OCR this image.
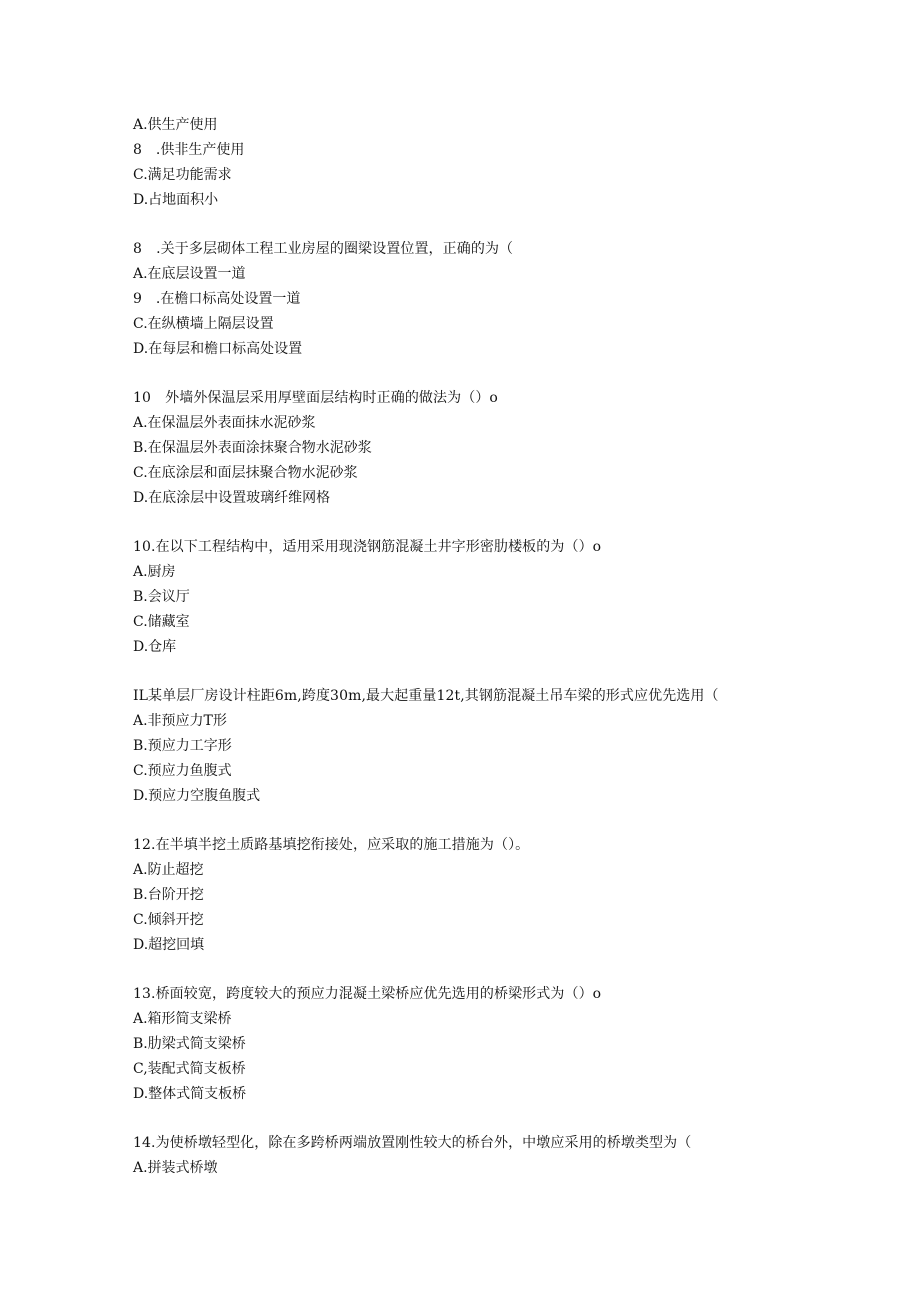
A.供生产使用
8　.供非生产使用
C.满足功能需求
D.占地面积小
8　.关于多层砌体工程工业房屋的圈梁设置位置，正确的为（
A.在底层设置一道
9　.在檐口标高处设置一道
C.在纵横墙上隔层设置
D.在每层和檐口标高处设置
10　外墙外保温层采用厚壁面层结构时正确的做法为（）o
A.在保温层外表面抹水泥砂浆
B.在保温层外表面涂抹聚合物水泥砂浆
C.在底涂层和面层抹聚合物水泥砂浆
D.在底涂层中设置玻璃纤维网格
10.在以下工程结构中，适用采用现浇钢筋混凝土井字形密肋楼板的为（）o
A.厨房
B.会议厅
C.储藏室
D.仓库
IL某单层厂房设计柱距6m,跨度30m,最大起重量12t,其钢筋混凝土吊车梁的形式应优先选用（
A.非预应力T形
B.预应力工字形
C.预应力鱼腹式
D.预应力空腹鱼腹式
12.在半填半挖土质路基填挖衔接处，应采取的施工措施为（）。
A.防止超挖
B.台阶开挖
C.倾斜开挖
D.超挖回填
13.桥面较宽，跨度较大的预应力混凝土梁桥应优先选用的桥梁形式为（）o
A.箱形简支梁桥
B.肋梁式简支梁桥
C,装配式简支板桥
D.整体式简支板桥
14.为使桥墩轻型化，除在多跨桥两端放置刚性较大的桥台外，中墩应采用的桥墩类型为（
A.拼装式桥墩
